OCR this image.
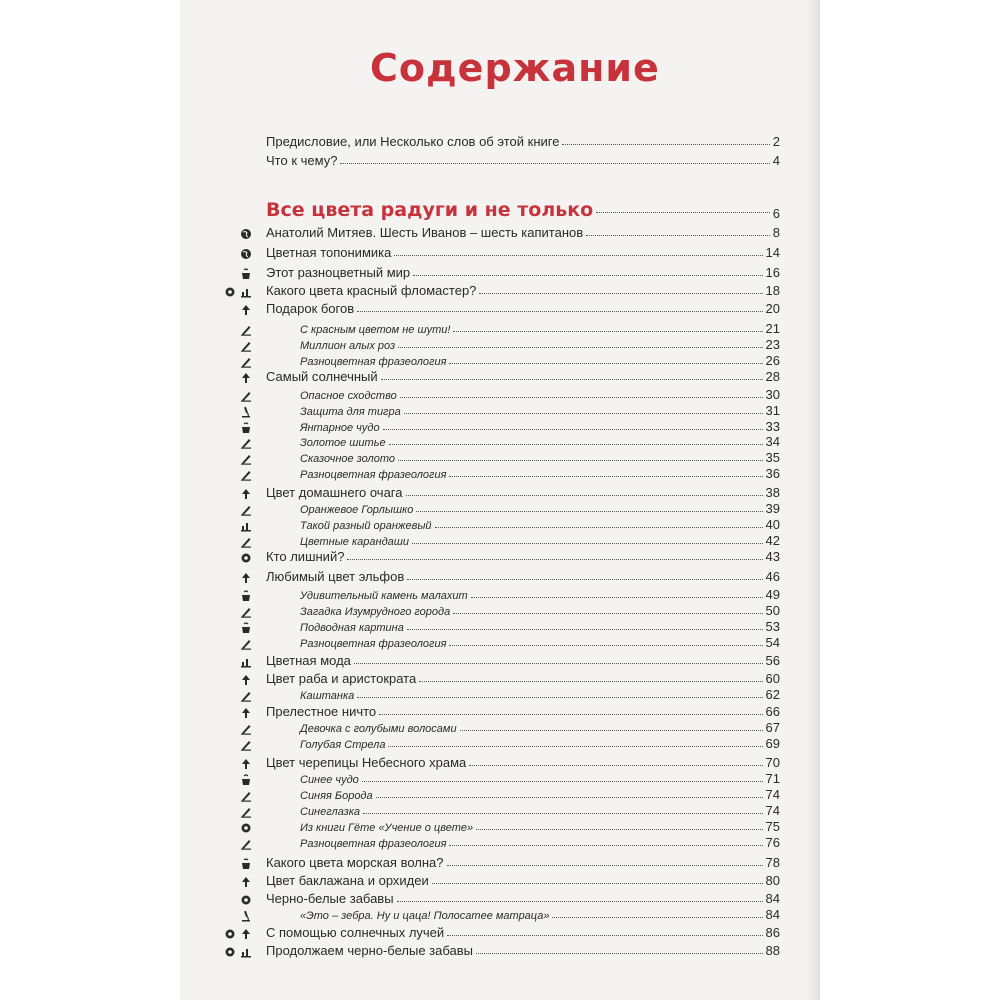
Содержание
Предисловие, или Несколько слов об этой книге	2
Что к чему?	4
Все цвета радуги и не только	6
Анатолий Митяев. Шесть Иванов – шесть капитанов	8
Цветная топонимика	14
Этот разноцветный мир	16
Какого цвета красный фломастер?	18
Подарок богов	20
С красным цветом не шути!	21
Миллион алых роз	23
Разноцветная фразеология	26
Самый солнечный	28
Опасное сходство	30
Защита для тигра	31
Янтарное чудо	33
Золотое шитье	34
Сказочное золото	35
Разноцветная фразеология	36
Цвет домашнего очага	38
Оранжевое Горлышко	39
Такой разный оранжевый	40
Цветные карандаши	42
Кто лишний?	43
Любимый цвет эльфов	46
Удивительный камень малахит	49
Загадка Изумрудного города	50
Подводная картина	53
Разноцветная фразеология	54
Цветная мода	56
Цвет раба и аристократа	60
Каштанка	62
Прелестное ничто	66
Девочка с голубыми волосами	67
Голубая Стрела	69
Цвет черепицы Небесного храма	70
Синее чудо	71
Синяя Борода	74
Синеглазка	74
Из книги Гёте «Учение о цвете»	75
Разноцветная фразеология	76
Какого цвета морская волна?	78
Цвет баклажана и орхидеи	80
Черно-белые забавы	84
«Это – зебра. Ну и цаца! Полосатее матраца»	84
С помощью солнечных лучей	86
Продолжаем черно-белые забавы	88
